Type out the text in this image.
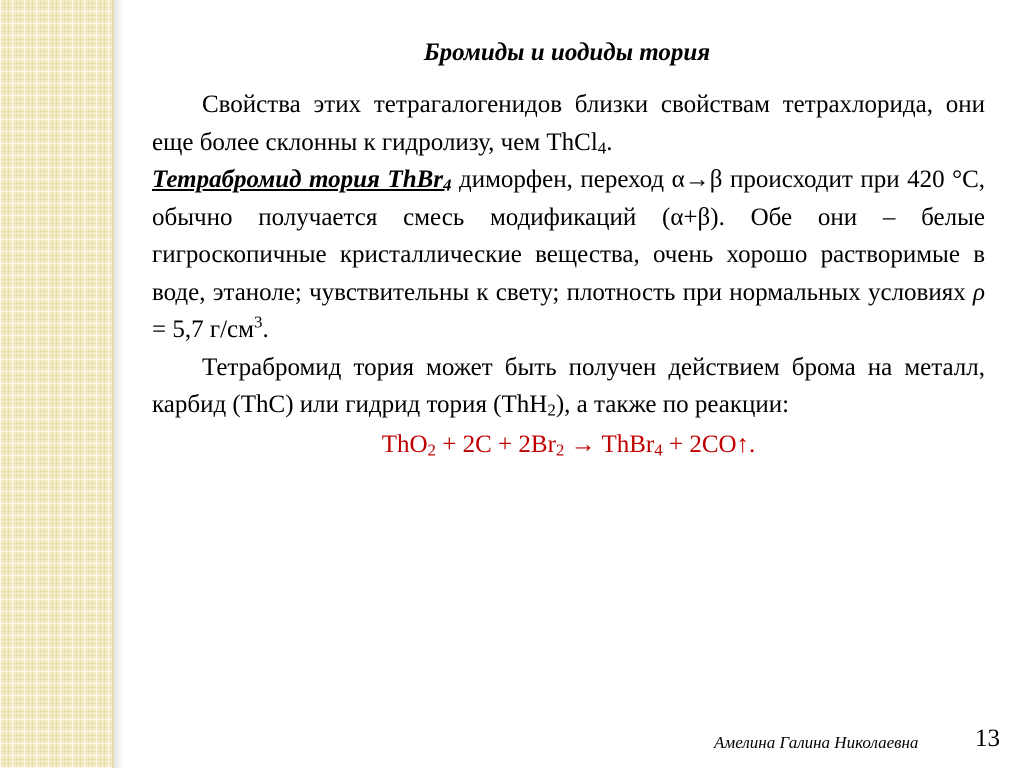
Бромиды и иодиды тория

Свойства этих тетрагалогенидов близки свойствам тетрахлорида, они еще более склонны к гидролизу, чем ThCl$_4$.
Тетрабромид тория ThBr$_4$ диморфен, переход α→β происходит при 420 °С, обычно получается смесь модификаций (α+β). Обе они – белые гигроскопичные кристаллические вещества, очень хорошо растворимые в воде, этаноле; чувствительны к свету; плотность при нормальных условиях ρ = 5,7 $г/см^3$.

Тетрабромид тория может быть получен действием брома на металл, карбид (ThC) или гидрид тория (ThH$_2$), а также по реакции:

$ThO_2 + 2C + 2Br_2$ → ThBr$_4$ + 2CO↑.

Амелина Галина Николаевна 13
